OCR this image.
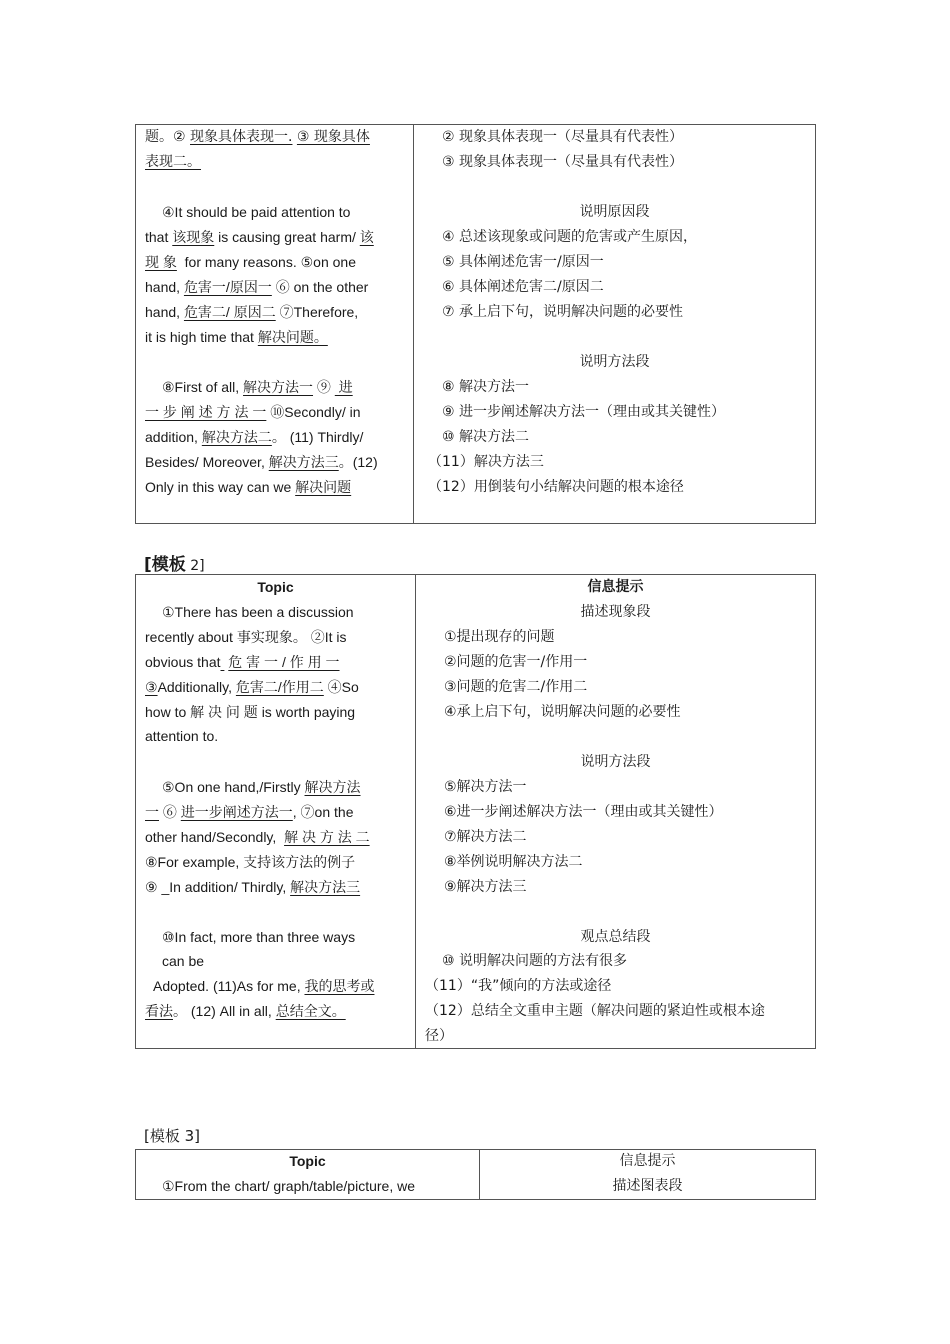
题。② 现象具体表现一. ③ 现象具体
表现二。
④It should be paid attention to
that 该现象 is causing great harm/ 该
现 象  for many reasons. ⑤on one
hand, 危害一/原因一 ⑥ on the other
hand, 危害二/ 原因二 ⑦Therefore,
it is high time that 解决问题。
⑧First of all, 解决方法一 ⑨  进
一 步 阐 述 方 法 一 ⑩Secondly/ in
addition, 解决方法二。 (11) Thirdly/
Besides/ Moreover, 解决方法三。(12)
Only in this way can we 解决问题
② 现象具体表现一（尽量具有代表性）
③ 现象具体表现一（尽量具有代表性）
说明原因段
④ 总述该现象或问题的危害或产生原因，
⑤ 具体阐述危害一/原因一
⑥ 具体阐述危害二/原因二
⑦ 承上启下句，说明解决问题的必要性
说明方法段
⑧ 解决方法一
⑨ 进一步阐述解决方法一（理由或其关键性）
⑩ 解决方法二
（11）解决方法三
（12）用倒装句小结解决问题的根本途径
[模板 2]
Topic
①There has been a discussion
recently about 事实现象。 ②It is
obvious that 危 害 一 / 作 用 一
③Additionally, 危害二/作用二 ④So
how to 解 决 问 题 is worth paying
attention to.
⑤On one hand,/Firstly 解决方法
一 ⑥ 进一步阐述方法一, ⑦on the
other hand/Secondly,  解 决 方 法 二
⑧For example, 支持该方法的例子
⑨ _In addition/ Thirdly, 解决方法三
⑩In fact, more than three ways
can be
Adopted. (11)As for me, 我的思考或
看法。 (12) All in all, 总结全文。
信息提示
描述现象段
①提出现存的问题
②问题的危害一/作用一
③问题的危害二/作用二
④承上启下句，说明解决问题的必要性
说明方法段
⑤解决方法一
⑥进一步阐述解决方法一（理由或其关键性）
⑦解决方法二
⑧举例说明解决方法二
⑨解决方法三
观点总结段
⑩ 说明解决问题的方法有很多
（11）“我”倾向的方法或途径
（12）总结全文重申主题（解决问题的紧迫性或根本途
径）
[模板 3]
Topic
①From the chart/ graph/table/picture, we
信息提示
描述图表段
